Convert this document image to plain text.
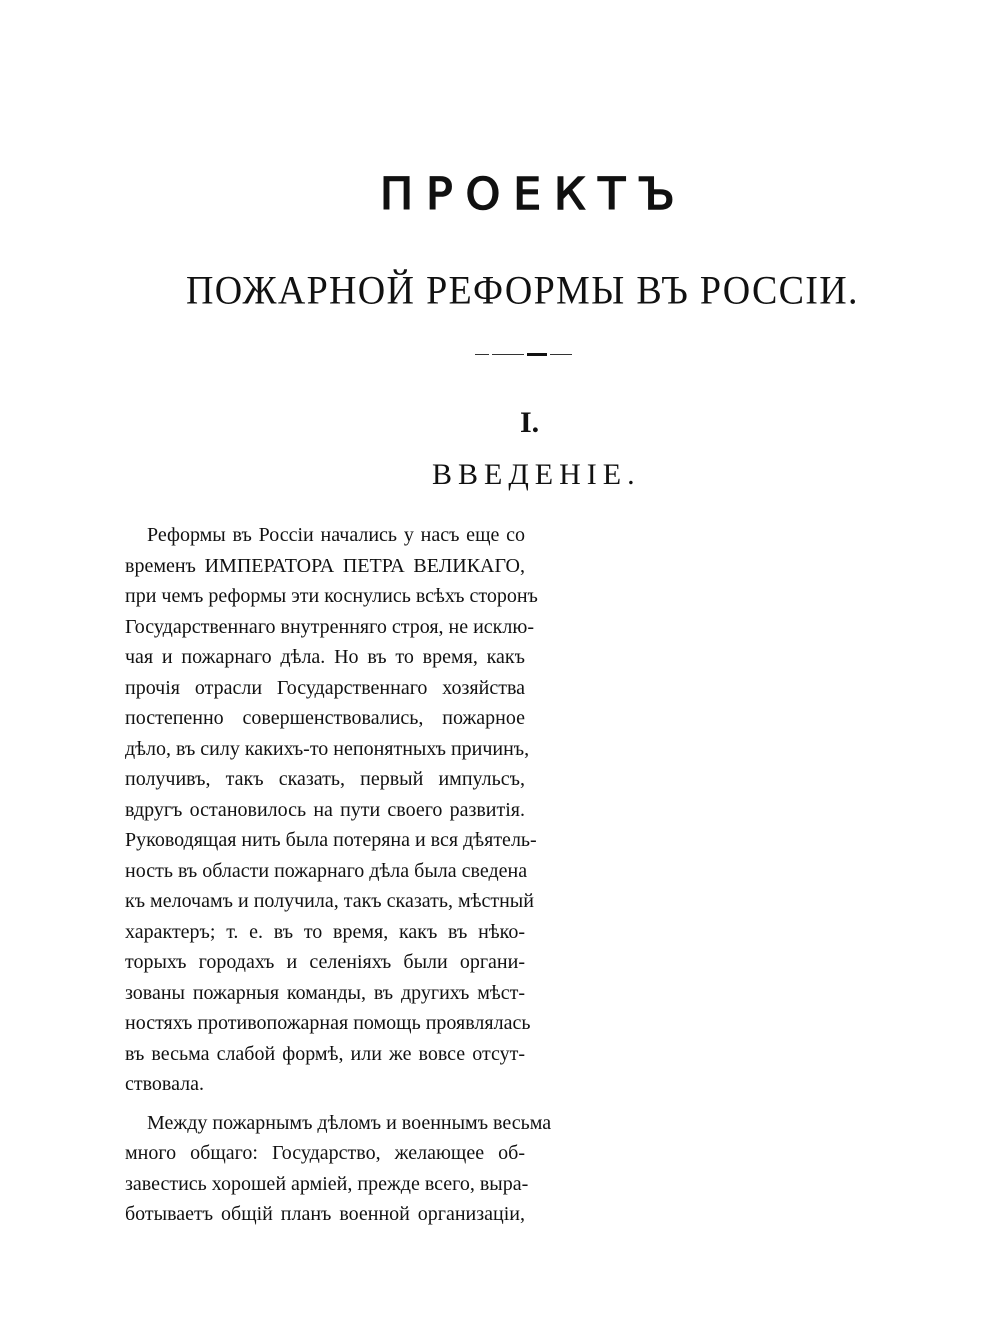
ПРОЕКТЪ
ПОЖАРНОЙ РЕФОРМЫ ВЪ РОССІИ.
I.
ВВЕДЕНІЕ.
Реформы въ Россіи начались у насъ еще со
временъ ИМПЕРАТОРА ПЕТРА ВЕЛИКАГО,
при чемъ реформы эти коснулись всѣхъ сторонъ
Государственнаго внутренняго строя, не исклю-
чая и пожарнаго дѣла. Но въ то время, какъ
прочія отрасли Государственнаго хозяйства
постепенно совершенствовались, пожарное
дѣло, въ силу какихъ-то непонятныхъ причинъ,
получивъ, такъ сказать, первый импульсъ,
вдругъ остановилось на пути своего развитія.
Руководящая нить была потеряна и вся дѣятель-
ность въ области пожарнаго дѣла была сведена
къ мелочамъ и получила, такъ сказать, мѣстный
характеръ; т. е. въ то время, какъ въ нѣко-
торыхъ городахъ и селеніяхъ были органи-
зованы пожарныя команды, въ другихъ мѣст-
ностяхъ противопожарная помощь проявлялась
въ весьма слабой формѣ, или же вовсе отсут-
ствовала.
Между пожарнымъ дѣломъ и военнымъ весьма
много общаго: Государство, желающее об-
завестись хорошей арміей, прежде всего, выра-
ботываетъ общій планъ военной организаціи,
